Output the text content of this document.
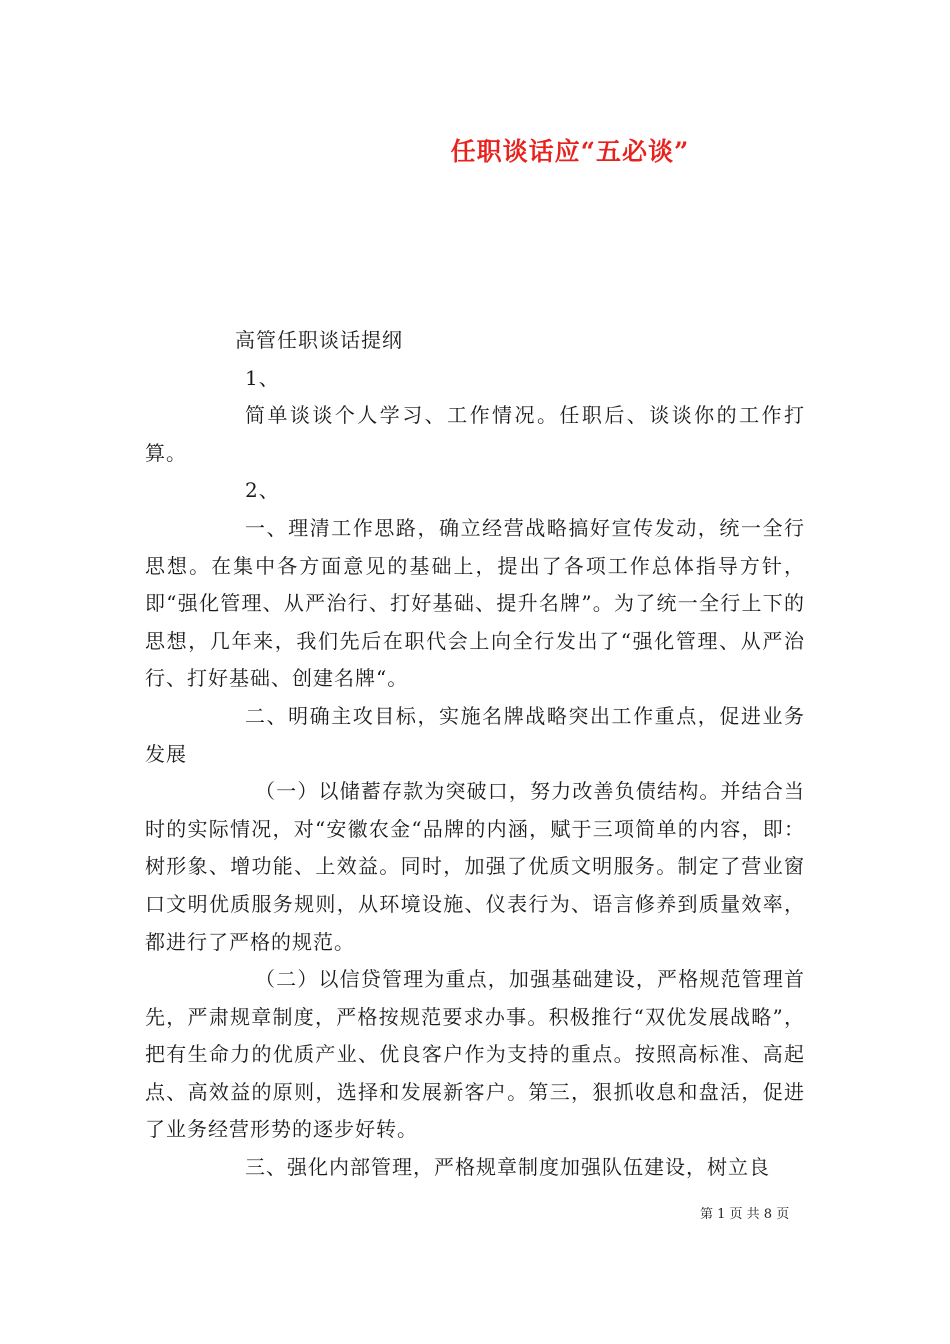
任职谈话应“五必谈”

高管任职谈话提纲

1、

简单谈谈个人学习、工作情况。任职后、谈谈你的工作打算。

2、

一、理清工作思路，确立经营战略搞好宣传发动，统一全行思想。在集中各方面意见的基础上，提出了各项工作总体指导方针，即“强化管理、从严治行、打好基础、提升名牌”。为了统一全行上下的思想，几年来，我们先后在职代会上向全行发出了“强化管理、从严治行、打好基础、创建名牌“。

二、明确主攻目标，实施名牌战略突出工作重点，促进业务发展

（一）以储蓄存款为突破口，努力改善负债结构。并结合当时的实际情况，对“安徽农金“品牌的内涵，赋于三项简单的内容，即：树形象、增功能、上效益。同时，加强了优质文明服务。制定了营业窗口文明优质服务规则，从环境设施、仪表行为、语言修养到质量效率，都进行了严格的规范。

（二）以信贷管理为重点，加强基础建设，严格规范管理首先，严肃规章制度，严格按规范要求办事。积极推行“双优发展战略”，把有生命力的优质产业、优良客户作为支持的重点。按照高标准、高起点、高效益的原则，选择和发展新客户。第三，狠抓收息和盘活，促进了业务经营形势的逐步好转。

三、强化内部管理，严格规章制度加强队伍建设，树立良

第 1 页 共 8 页
